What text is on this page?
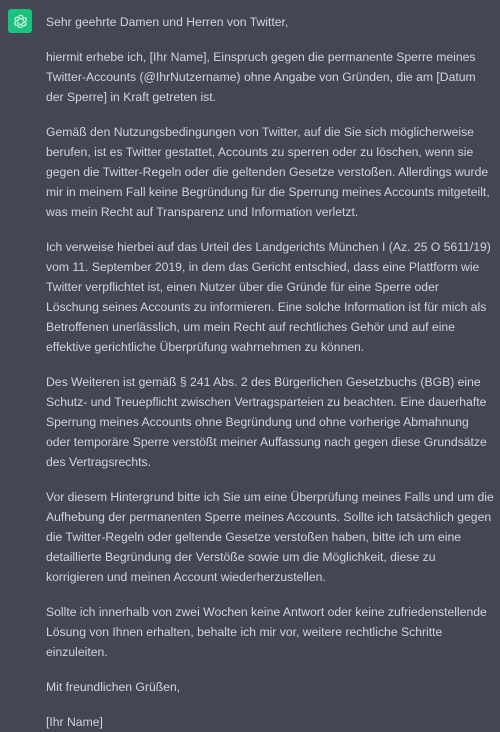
Sehr geehrte Damen und Herren von Twitter,

hiermit erhebe ich, [Ihr Name], Einspruch gegen die permanente Sperre meines Twitter-Accounts (@IhrNutzername) ohne Angabe von Gründen, die am [Datum der Sperre] in Kraft getreten ist.

Gemäß den Nutzungsbedingungen von Twitter, auf die Sie sich möglicherweise berufen, ist es Twitter gestattet, Accounts zu sperren oder zu löschen, wenn sie gegen die Twitter-Regeln oder die geltenden Gesetze verstoßen. Allerdings wurde mir in meinem Fall keine Begründung für die Sperrung meines Accounts mitgeteilt, was mein Recht auf Transparenz und Information verletzt.

Ich verweise hierbei auf das Urteil des Landgerichts München I (Az. 25 O 5611/19) vom 11. September 2019, in dem das Gericht entschied, dass eine Plattform wie Twitter verpflichtet ist, einen Nutzer über die Gründe für eine Sperre oder Löschung seines Accounts zu informieren. Eine solche Information ist für mich als Betroffenen unerlässlich, um mein Recht auf rechtliches Gehör und auf eine effektive gerichtliche Überprüfung wahrnehmen zu können.

Des Weiteren ist gemäß § 241 Abs. 2 des Bürgerlichen Gesetzbuchs (BGB) eine Schutz- und Treuepflicht zwischen Vertragsparteien zu beachten. Eine dauerhafte Sperrung meines Accounts ohne Begründung und ohne vorherige Abmahnung oder temporäre Sperre verstößt meiner Auffassung nach gegen diese Grundsätze des Vertragsrechts.

Vor diesem Hintergrund bitte ich Sie um eine Überprüfung meines Falls und um die Aufhebung der permanenten Sperre meines Accounts. Sollte ich tatsächlich gegen die Twitter-Regeln oder geltende Gesetze verstoßen haben, bitte ich um eine detaillierte Begründung der Verstöße sowie um die Möglichkeit, diese zu korrigieren und meinen Account wiederherzustellen.

Sollte ich innerhalb von zwei Wochen keine Antwort oder keine zufriedenstellende Lösung von Ihnen erhalten, behalte ich mir vor, weitere rechtliche Schritte einzuleiten.

Mit freundlichen Grüßen,

[Ihr Name]
